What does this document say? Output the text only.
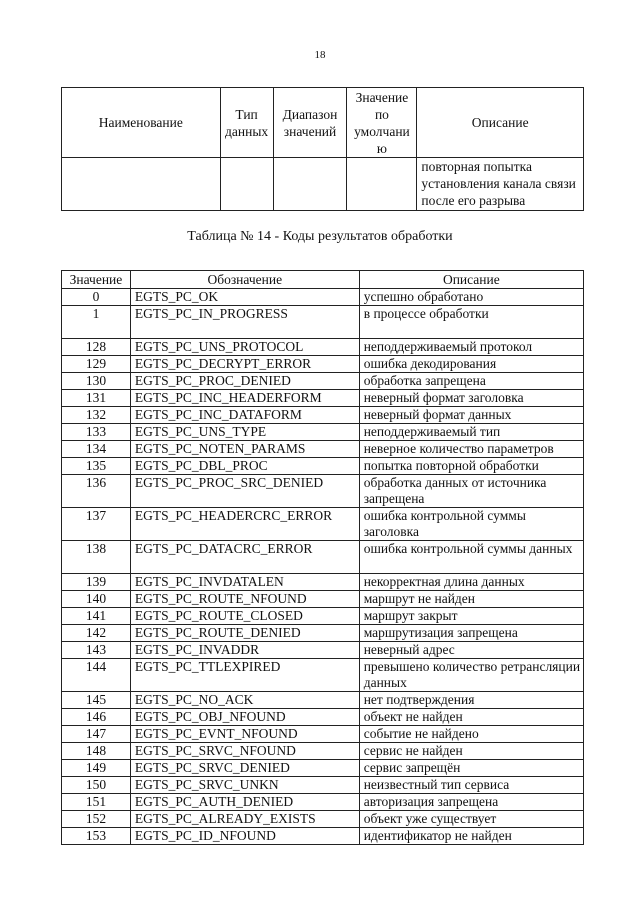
18
Наименование	Тип данных	Диапазон значений	Значение по умолчани ю	Описание
				повторная попытка установления канала связи после его разрыва
Таблица № 14 - Коды результатов обработки
Значение	Обозначение	Описание
0	EGTS_PC_OK	успешно обработано
1	EGTS_PC_IN_PROGRESS	в процессе обработки
128	EGTS_PC_UNS_PROTOCOL	неподдерживаемый протокол
129	EGTS_PC_DECRYPT_ERROR	ошибка декодирования
130	EGTS_PC_PROC_DENIED	обработка запрещена
131	EGTS_PC_INC_HEADERFORM	неверный формат заголовка
132	EGTS_PC_INC_DATAFORM	неверный формат данных
133	EGTS_PC_UNS_TYPE	неподдерживаемый тип
134	EGTS_PC_NOTEN_PARAMS	неверное количество параметров
135	EGTS_PC_DBL_PROC	попытка повторной обработки
136	EGTS_PC_PROC_SRC_DENIED	обработка данных от источника запрещена
137	EGTS_PC_HEADERCRC_ERROR	ошибка контрольной суммы заголовка
138	EGTS_PC_DATACRC_ERROR	ошибка контрольной суммы данных
139	EGTS_PC_INVDATALEN	некорректная длина данных
140	EGTS_PC_ROUTE_NFOUND	маршрут не найден
141	EGTS_PC_ROUTE_CLOSED	маршрут закрыт
142	EGTS_PC_ROUTE_DENIED	маршрутизация запрещена
143	EGTS_PC_INVADDR	неверный адрес
144	EGTS_PC_TTLEXPIRED	превышено количество ретрансляции данных
145	EGTS_PC_NO_ACK	нет подтверждения
146	EGTS_PC_OBJ_NFOUND	объект не найден
147	EGTS_PC_EVNT_NFOUND	событие не найдено
148	EGTS_PC_SRVC_NFOUND	сервис не найден
149	EGTS_PC_SRVC_DENIED	сервис запрещён
150	EGTS_PC_SRVC_UNKN	неизвестный тип сервиса
151	EGTS_PC_AUTH_DENIED	авторизация запрещена
152	EGTS_PC_ALREADY_EXISTS	объект уже существует
153	EGTS_PC_ID_NFOUND	идентификатор не найден
